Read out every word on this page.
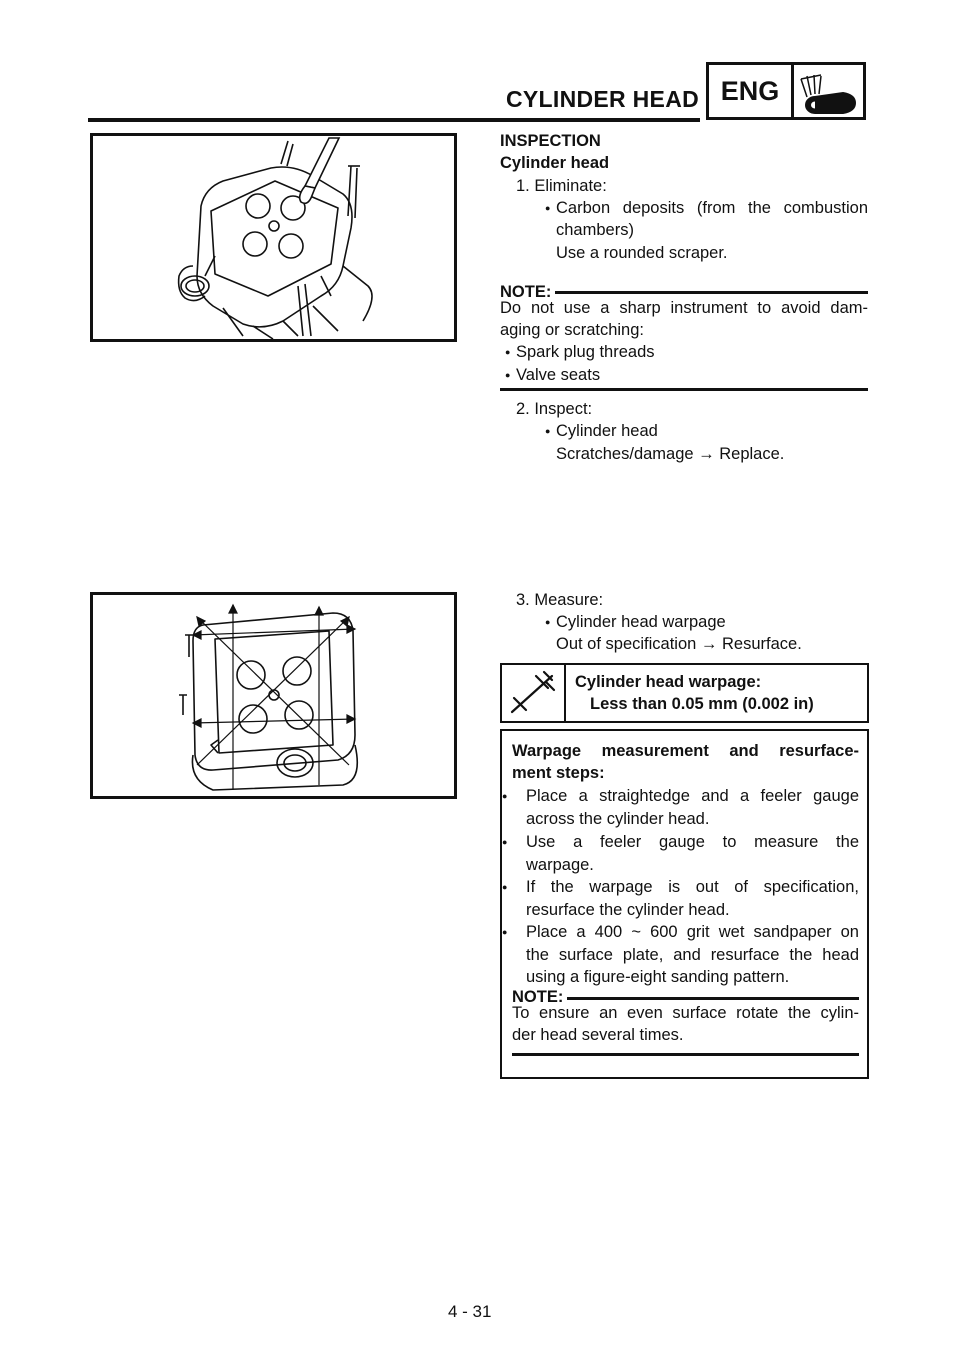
CYLINDER HEAD ENG
INSPECTION
Cylinder head
1. Eliminate:
Carbon deposits (from the combustion
chambers)
Use a rounded scraper.
NOTE:
Do not use a sharp instrument to avoid dam-
aging or scratching:
Spark plug threads
Valve seats
2. Inspect:
Cylinder head
Scratches/damage → Replace.
3. Measure:
Cylinder head warpage
Out of specification → Resurface.
Cylinder head warpage:
Less than 0.05 mm (0.002 in)
Warpage measurement and resurface-
ment steps:
Place a straightedge and a feeler gauge
across the cylinder head.
Use a feeler gauge to measure the
warpage.
If the warpage is out of specification,
resurface the cylinder head.
Place a 400 ~ 600 grit wet sandpaper on
the surface plate, and resurface the head
using a figure-eight sanding pattern.
NOTE:
To ensure an even surface rotate the cylin-
der head several times.
4 - 31
